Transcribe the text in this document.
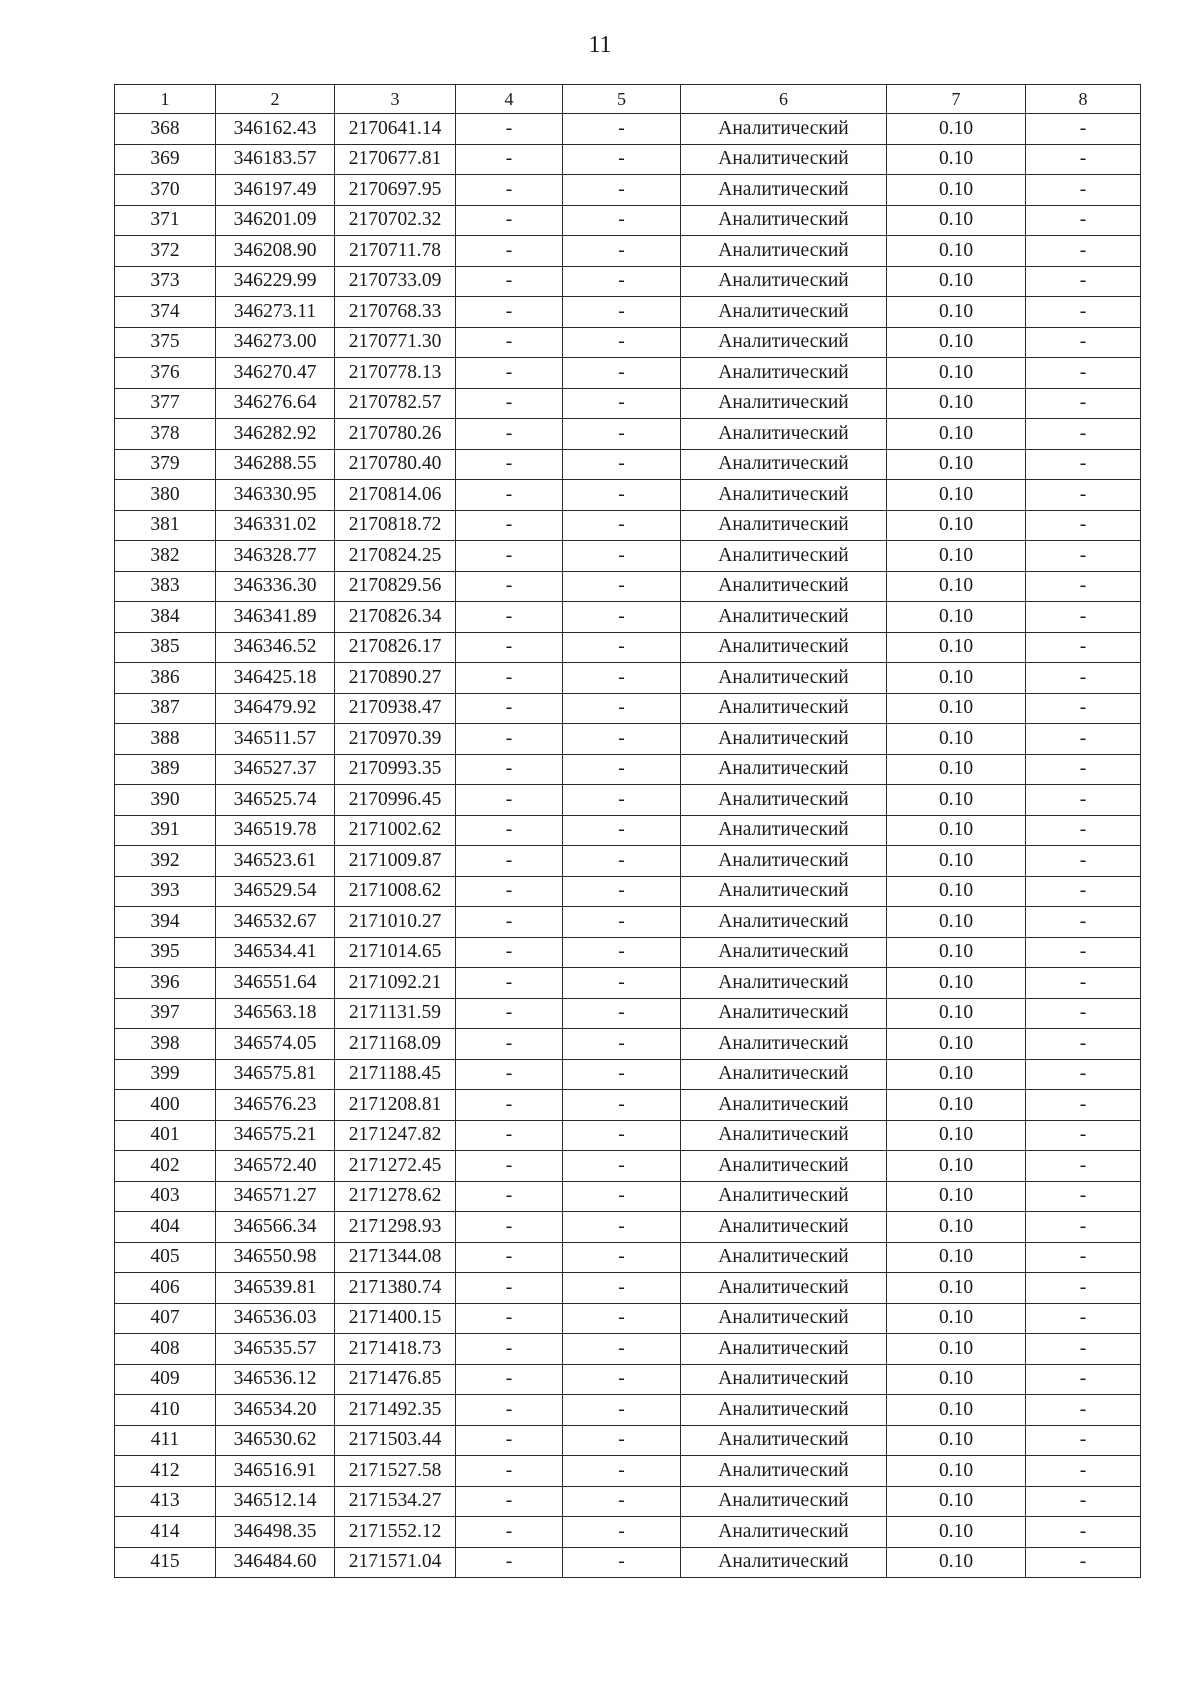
11
1	2	3	4	5	6	7	8
368	346162.43	2170641.14	-	-	Аналитический	0.10	-
369	346183.57	2170677.81	-	-	Аналитический	0.10	-
370	346197.49	2170697.95	-	-	Аналитический	0.10	-
371	346201.09	2170702.32	-	-	Аналитический	0.10	-
372	346208.90	2170711.78	-	-	Аналитический	0.10	-
373	346229.99	2170733.09	-	-	Аналитический	0.10	-
374	346273.11	2170768.33	-	-	Аналитический	0.10	-
375	346273.00	2170771.30	-	-	Аналитический	0.10	-
376	346270.47	2170778.13	-	-	Аналитический	0.10	-
377	346276.64	2170782.57	-	-	Аналитический	0.10	-
378	346282.92	2170780.26	-	-	Аналитический	0.10	-
379	346288.55	2170780.40	-	-	Аналитический	0.10	-
380	346330.95	2170814.06	-	-	Аналитический	0.10	-
381	346331.02	2170818.72	-	-	Аналитический	0.10	-
382	346328.77	2170824.25	-	-	Аналитический	0.10	-
383	346336.30	2170829.56	-	-	Аналитический	0.10	-
384	346341.89	2170826.34	-	-	Аналитический	0.10	-
385	346346.52	2170826.17	-	-	Аналитический	0.10	-
386	346425.18	2170890.27	-	-	Аналитический	0.10	-
387	346479.92	2170938.47	-	-	Аналитический	0.10	-
388	346511.57	2170970.39	-	-	Аналитический	0.10	-
389	346527.37	2170993.35	-	-	Аналитический	0.10	-
390	346525.74	2170996.45	-	-	Аналитический	0.10	-
391	346519.78	2171002.62	-	-	Аналитический	0.10	-
392	346523.61	2171009.87	-	-	Аналитический	0.10	-
393	346529.54	2171008.62	-	-	Аналитический	0.10	-
394	346532.67	2171010.27	-	-	Аналитический	0.10	-
395	346534.41	2171014.65	-	-	Аналитический	0.10	-
396	346551.64	2171092.21	-	-	Аналитический	0.10	-
397	346563.18	2171131.59	-	-	Аналитический	0.10	-
398	346574.05	2171168.09	-	-	Аналитический	0.10	-
399	346575.81	2171188.45	-	-	Аналитический	0.10	-
400	346576.23	2171208.81	-	-	Аналитический	0.10	-
401	346575.21	2171247.82	-	-	Аналитический	0.10	-
402	346572.40	2171272.45	-	-	Аналитический	0.10	-
403	346571.27	2171278.62	-	-	Аналитический	0.10	-
404	346566.34	2171298.93	-	-	Аналитический	0.10	-
405	346550.98	2171344.08	-	-	Аналитический	0.10	-
406	346539.81	2171380.74	-	-	Аналитический	0.10	-
407	346536.03	2171400.15	-	-	Аналитический	0.10	-
408	346535.57	2171418.73	-	-	Аналитический	0.10	-
409	346536.12	2171476.85	-	-	Аналитический	0.10	-
410	346534.20	2171492.35	-	-	Аналитический	0.10	-
411	346530.62	2171503.44	-	-	Аналитический	0.10	-
412	346516.91	2171527.58	-	-	Аналитический	0.10	-
413	346512.14	2171534.27	-	-	Аналитический	0.10	-
414	346498.35	2171552.12	-	-	Аналитический	0.10	-
415	346484.60	2171571.04	-	-	Аналитический	0.10	-
